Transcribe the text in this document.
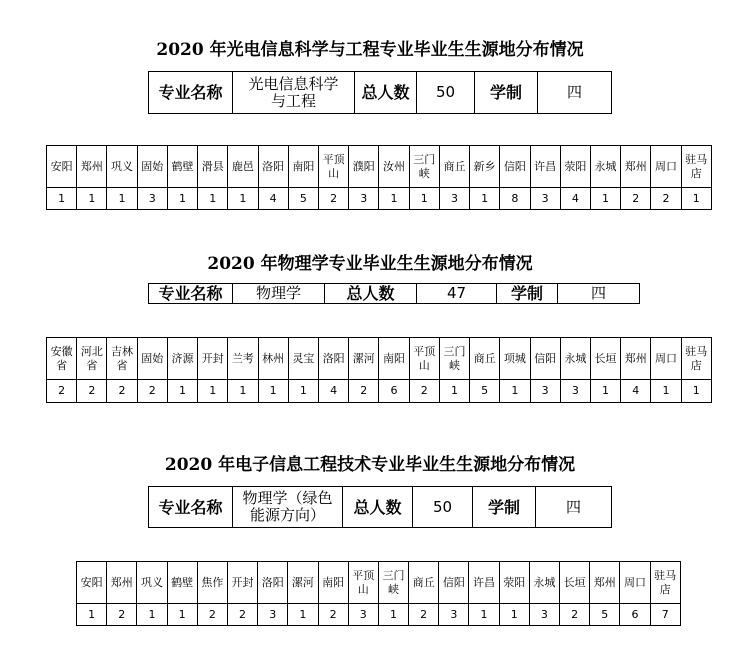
2020 年光电信息科学与工程专业毕业生生源地分布情况
专业名称	光电信息科学与工程	总人数	50	学制	四
安阳	郑州	巩义	固始	鹤壁	滑县	鹿邑	洛阳	南阳	平顶山	濮阳	汝州	三门峡	商丘	新乡	信阳	许昌	荥阳	永城	郑州	周口	驻马店
1	1	1	3	1	1	1	4	5	2	3	1	1	3	1	8	3	4	1	2	2	1
2020 年物理学专业毕业生生源地分布情况
专业名称	物理学	总人数	47	学制	四
安徽省	河北省	吉林省	固始	济源	开封	兰考	林州	灵宝	洛阳	漯河	南阳	平顶山	三门峡	商丘	项城	信阳	永城	长垣	郑州	周口	驻马店
2	2	2	2	1	1	1	1	1	4	2	6	2	1	5	1	3	3	1	4	1	1
2020 年电子信息工程技术专业毕业生生源地分布情况
专业名称	物理学（绿色能源方向）	总人数	50	学制	四
安阳	郑州	巩义	鹤壁	焦作	开封	洛阳	漯河	南阳	平顶山	三门峡	商丘	信阳	许昌	荥阳	永城	长垣	郑州	周口	驻马店
1	2	1	1	2	2	3	1	2	3	1	2	3	1	1	3	2	5	6	7
